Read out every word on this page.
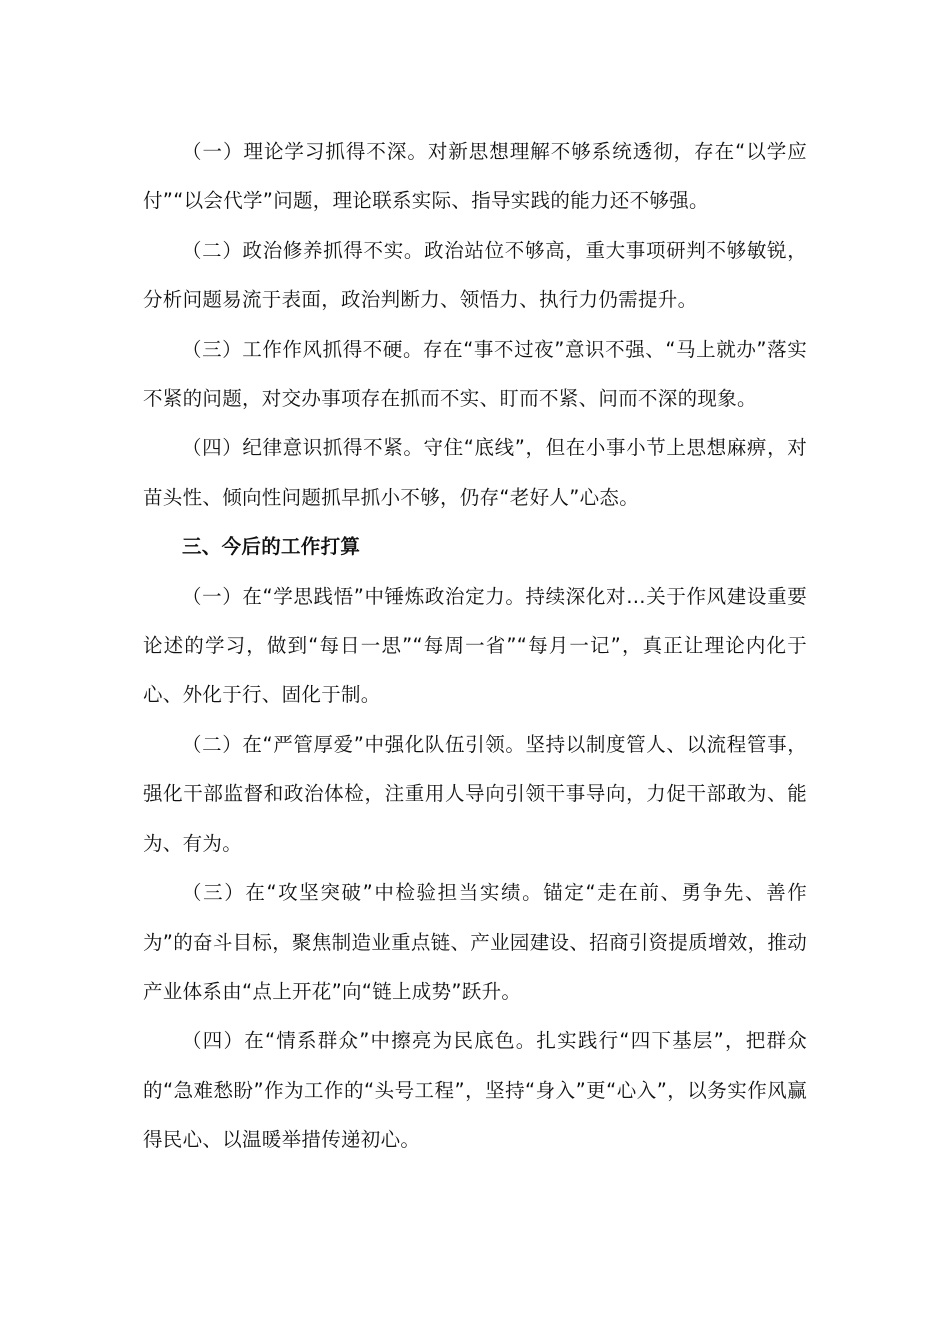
（一）理论学习抓得不深。对新思想理解不够系统透彻，存在“以学应付”“以会代学”问题，理论联系实际、指导实践的能力还不够强。

（二）政治修养抓得不实。政治站位不够高，重大事项研判不够敏锐，分析问题易流于表面，政治判断力、领悟力、执行力仍需提升。

（三）工作作风抓得不硬。存在“事不过夜”意识不强、“马上就办”落实不紧的问题，对交办事项存在抓而不实、盯而不紧、问而不深的现象。

（四）纪律意识抓得不紧。守住“底线”，但在小事小节上思想麻痹，对苗头性、倾向性问题抓早抓小不够，仍存“老好人”心态。

三、今后的工作打算

（一）在“学思践悟”中锤炼政治定力。持续深化对…关于作风建设重要论述的学习，做到“每日一思”“每周一省”“每月一记”，真正让理论内化于心、外化于行、固化于制。

（二）在“严管厚爱”中强化队伍引领。坚持以制度管人、以流程管事，强化干部监督和政治体检，注重用人导向引领干事导向，力促干部敢为、能为、有为。

（三）在“攻坚突破”中检验担当实绩。锚定“走在前、勇争先、善作为”的奋斗目标，聚焦制造业重点链、产业园建设、招商引资提质增效，推动产业体系由“点上开花”向“链上成势”跃升。

（四）在“情系群众”中擦亮为民底色。扎实践行“四下基层”，把群众的“急难愁盼”作为工作的“头号工程”，坚持“身入”更“心入”，以务实作风赢得民心、以温暖举措传递初心。
